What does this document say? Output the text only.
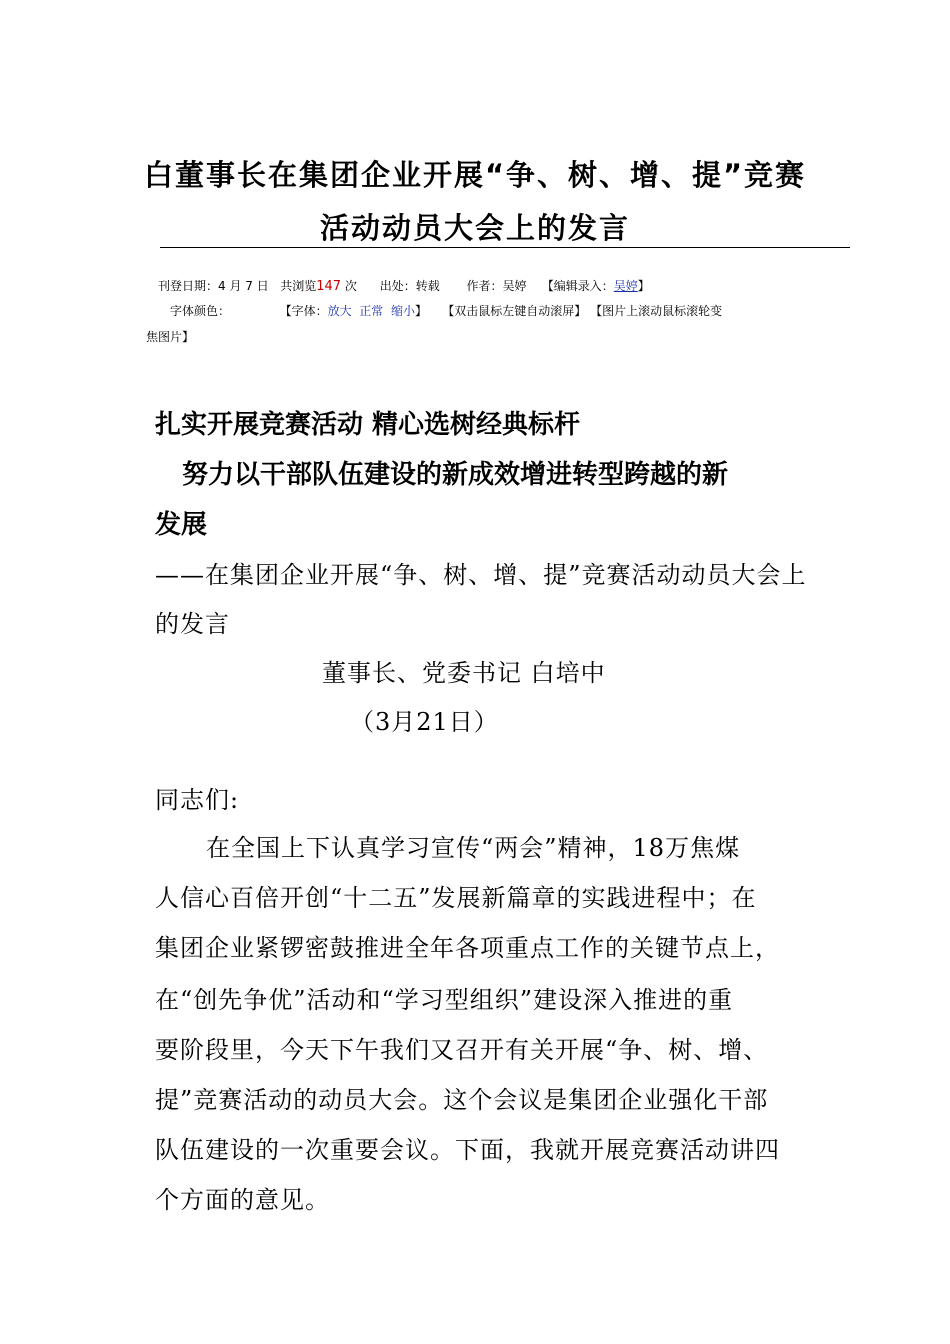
白董事长在集团企业开展“争、树、增、提”竞赛
活动动员大会上的发言
刊登日期：4 月 7 日 共浏览147 次 出处：转载 作者：吴婷 【编辑录入：吴婷】
字体颜色：	【字体：放大 正常 缩小】 【双击鼠标左键自动滚屏】 【图片上滚动鼠标滚轮变
焦图片】
扎实开展竞赛活动 精心选树经典标杆
努力以干部队伍建设的新成效增进转型跨越的新
发展
——在集团企业开展“争、树、增、提”竞赛活动动员大会上
的发言
董事长、党委书记 白培中
（3月21日）
同志们:
在全国上下认真学习宣传“两会”精神，18万焦煤
人信心百倍开创“十二五”发展新篇章的实践进程中；在
集团企业紧锣密鼓推进全年各项重点工作的关键节点上，
在“创先争优”活动和“学习型组织”建设深入推进的重
要阶段里，今天下午我们又召开有关开展“争、树、增、
提”竞赛活动的动员大会。这个会议是集团企业强化干部
队伍建设的一次重要会议。下面，我就开展竞赛活动讲四
个方面的意见。
